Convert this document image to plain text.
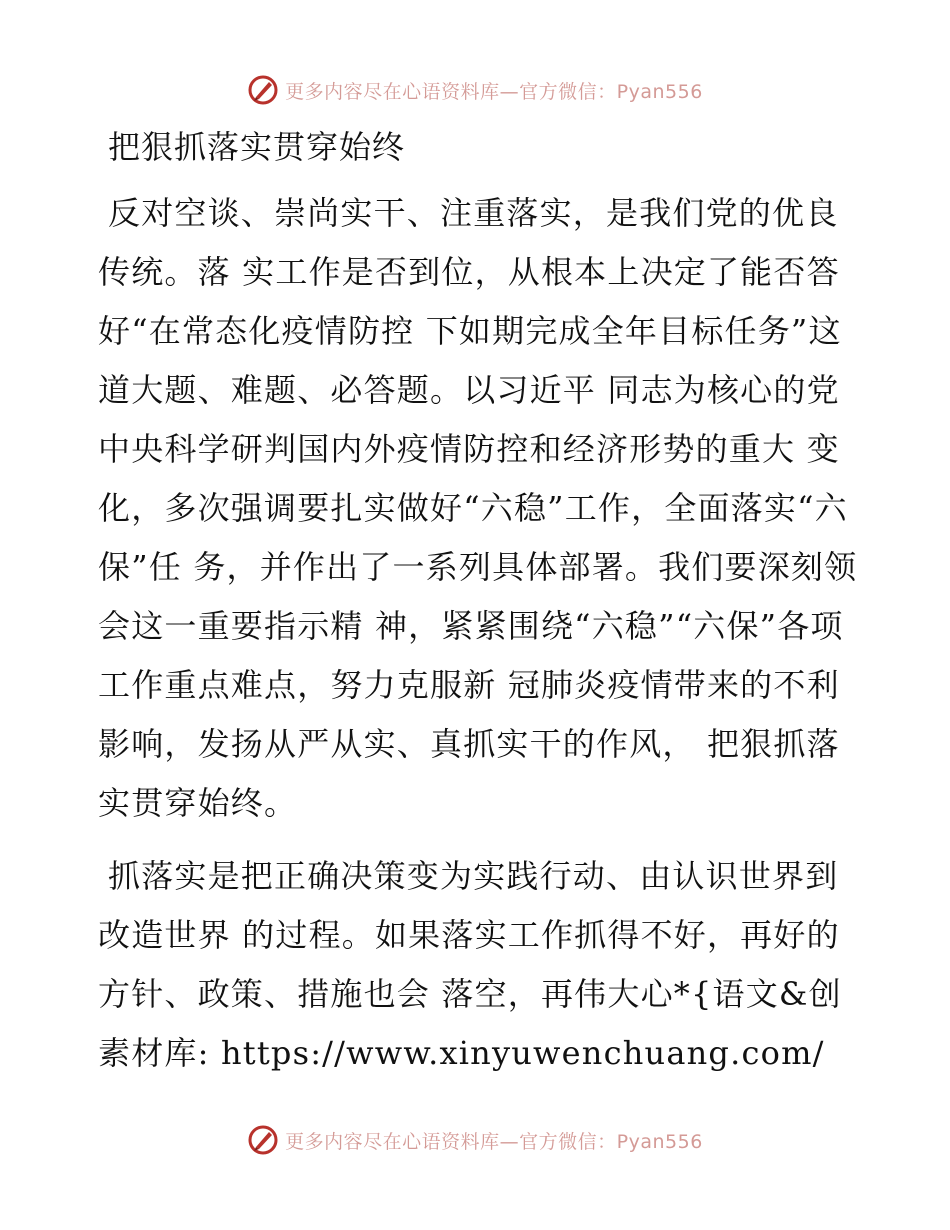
更多内容尽在心语资料库—官方微信：Pyan556
把狠抓落实贯穿始终

反对空谈、崇尚实干、注重落实，是我们党的优良传统。落 实工作是否到位，从根本上决定了能否答好“在常态化疫情防控 下如期完成全年目标任务”这道大题、难题、必答题。以习近平 同志为核心的党中央科学研判国内外疫情防控和经济形势的重大 变化，多次强调要扎实做好“六稳”工作，全面落实“六保”任 务，并作出了一系列具体部署。我们要深刻领会这一重要指示精 神，紧紧围绕“六稳”“六保”各项工作重点难点，努力克服新 冠肺炎疫情带来的不利影响，发扬从严从实、真抓实干的作风， 把狠抓落实贯穿始终。

抓落实是把正确决策变为实践行动、由认识世界到改造世界 的过程。如果落实工作抓得不好，再好的方针、政策、措施也会 落空，再伟大心*{语文&创素材库: https://www.xinyuwenchuang.com/

更多内容尽在心语资料库—官方微信：Pyan556
